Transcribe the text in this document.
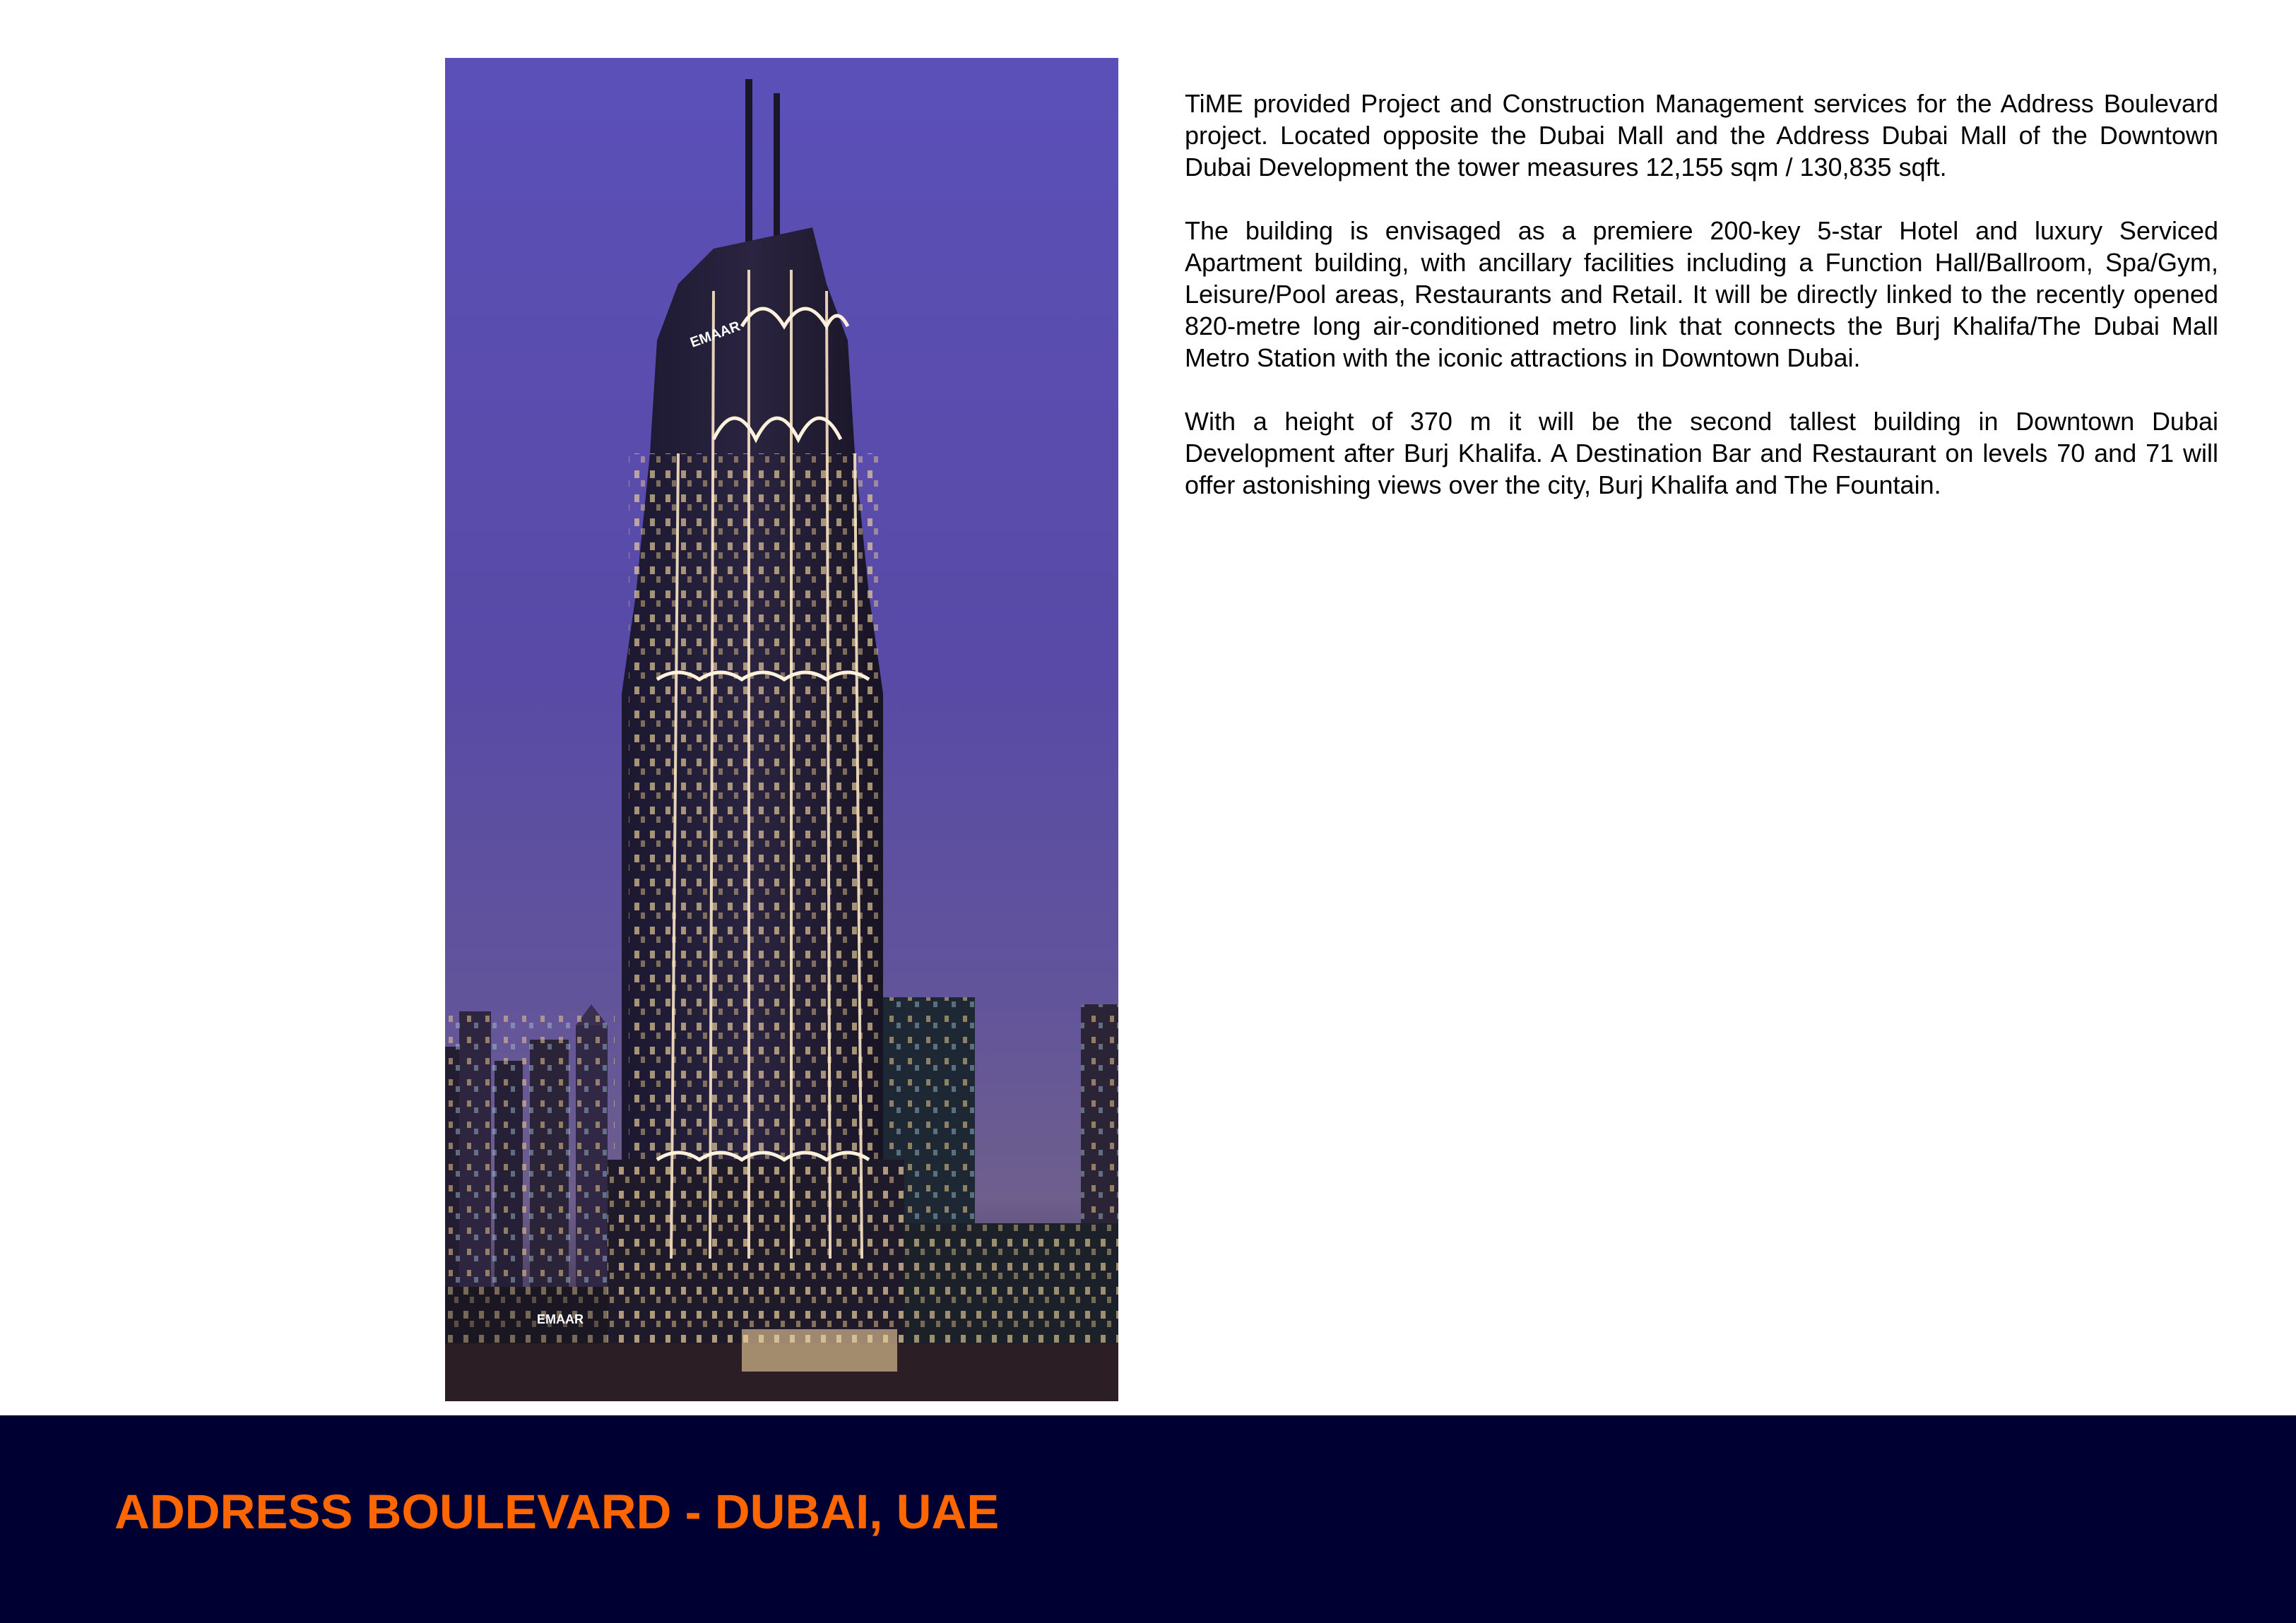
EMAAR
EMAAR

TiME provided Project and Construction Management services for the Address Boulevard project. Located opposite the Dubai Mall and the Address Dubai Mall of the Downtown Dubai Development the tower measures 12,155 sqm / 130,835 sqft.

The building is envisaged as a premiere 200-key 5-star Hotel and luxury Serviced Apartment building, with ancillary facilities including a Function Hall/Ballroom, Spa/Gym, Leisure/Pool areas, Restaurants and Retail. It will be directly linked to the recently opened 820-metre long air-conditioned metro link that connects the Burj Khalifa/The Dubai Mall Metro Station with the iconic attractions in Downtown Dubai.

With a height of 370 m it will be the second tallest building in Downtown Dubai Development after Burj Khalifa. A Destination Bar and Restaurant on levels 70 and 71 will offer astonishing views over the city, Burj Khalifa and The Fountain.

ADDRESS BOULEVARD - DUBAI, UAE
